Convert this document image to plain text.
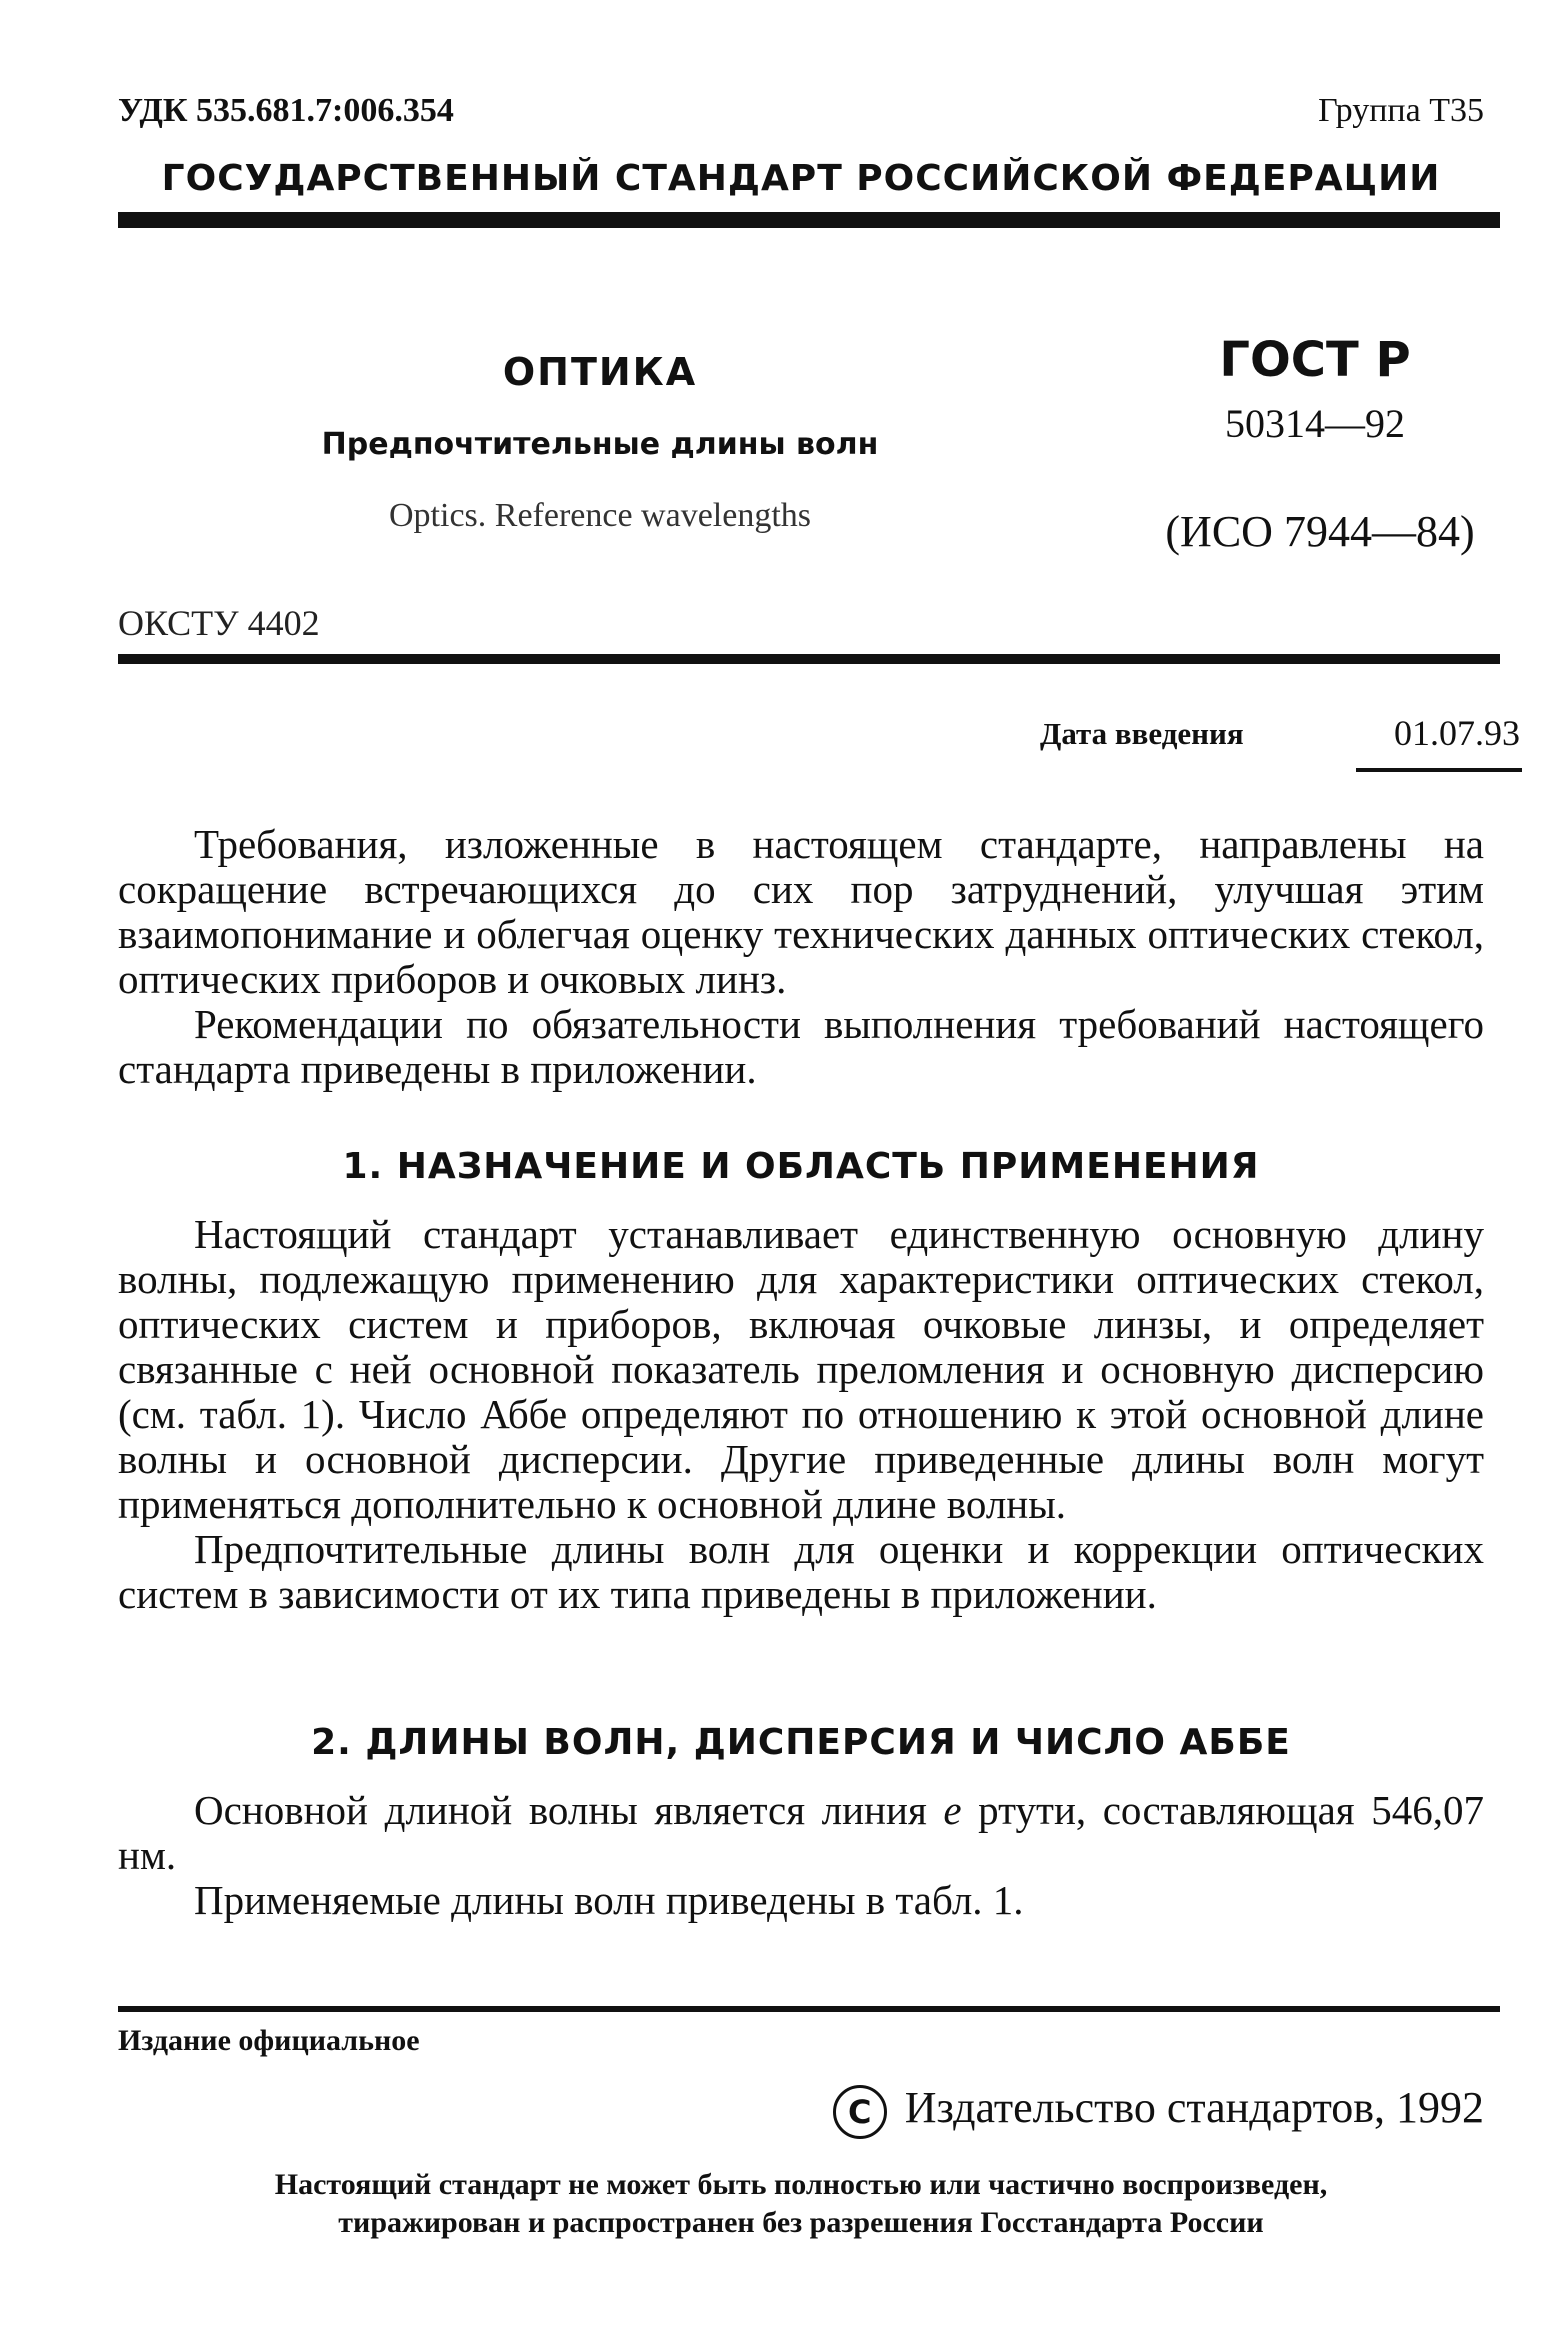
УДК 535.681.7:006.354	Группа Т35
ГОСУДАРСТВЕННЫЙ СТАНДАРТ РОССИЙСКОЙ ФЕДЕРАЦИИ
ОПТИКА
Предпочтительные длины волн
Optics. Reference wavelengths
ГОСТ Р
50314—92
(ИСО 7944—84)
ОКСТУ 4402
Дата введения	01.07.93

Требования, изложенные в настоящем стандарте, направлены на сокращение встречающихся до сих пор затруднений, улучшая этим взаимопонимание и облегчая оценку технических данных оптических стекол, оптических приборов и очковых линз.

Рекомендации по обязательности выполнения требований настоящего стандарта приведены в приложении.

1. НАЗНАЧЕНИЕ И ОБЛАСТЬ ПРИМЕНЕНИЯ

Настоящий стандарт устанавливает единственную основную длину волны, подлежащую применению для характеристики оптических стекол, оптических систем и приборов, включая очковые линзы, и определяет связанные с ней основной показатель преломления и основную дисперсию (см. табл. 1). Число Аббе определяют по отношению к этой основной длине волны и основной дисперсии. Другие приведенные длины волн могут применяться дополнительно к основной длине волны.

Предпочтительные длины волн для оценки и коррекции оптических систем в зависимости от их типа приведены в приложении.

2. ДЛИНЫ ВОЛН, ДИСПЕРСИЯ И ЧИСЛО АББЕ

Основной длиной волны является линия e ртути, составляющая 546,07 нм.

Применяемые длины волн приведены в табл. 1.

Издание официальное
C Издательство стандартов, 1992
Настоящий стандарт не может быть полностью или частично воспроизведен,
тиражирован и распространен без разрешения Госстандарта России
